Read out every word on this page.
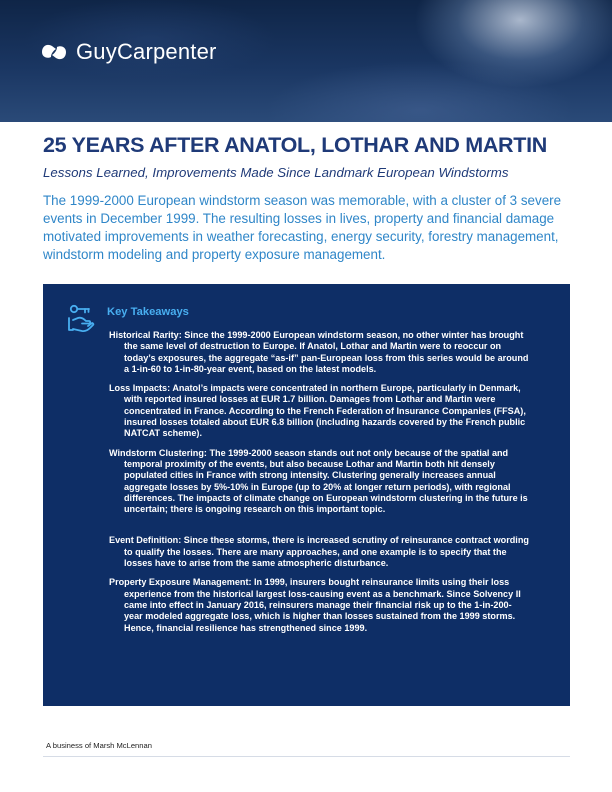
GuyCarpenter
25 YEARS AFTER ANATOL, LOTHAR AND MARTIN

Lessons Learned, Improvements Made Since Landmark European Windstorms

The 1999-2000 European windstorm season was memorable, with a cluster of 3 severe events in December 1999. The resulting losses in lives, property and financial damage motivated improvements in weather forecasting, energy security, forestry management, windstorm modeling and property exposure management.

Key Takeaways
Historical Rarity: Since the 1999-2000 European windstorm season, no other winter has brought the same level of destruction to Europe. If Anatol, Lothar and Martin were to reoccur on today’s exposures, the aggregate “as-if” pan-European loss from this series would be around a 1-in-60 to 1-in-80-year event, based on the latest models.
Loss Impacts: Anatol’s impacts were concentrated in northern Europe, particularly in Denmark, with reported insured losses at EUR 1.7 billion. Damages from Lothar and Martin were concentrated in France. According to the French Federation of Insurance Companies (FFSA), insured losses totaled about EUR 6.8 billion (including hazards covered by the French public NATCAT scheme).
Windstorm Clustering: The 1999-2000 season stands out not only because of the spatial and temporal proximity of the events, but also because Lothar and Martin both hit densely populated cities in France with strong intensity. Clustering generally increases annual aggregate losses by 5%-10% in Europe (up to 20% at longer return periods), with regional differences. The impacts of climate change on European windstorm clustering in the future is uncertain; there is ongoing research on this important topic.
Event Definition: Since these storms, there is increased scrutiny of reinsurance contract wording to qualify the losses. There are many approaches, and one example is to specify that the losses have to arise from the same atmospheric disturbance.
Property Exposure Management: In 1999, insurers bought reinsurance limits using their loss experience from the historical largest loss-causing event as a benchmark. Since Solvency II came into effect in January 2016, reinsurers manage their financial risk up to the 1-in-200-year modeled aggregate loss, which is higher than losses sustained from the 1999 storms. Hence, financial resilience has strengthened since 1999.
A business of Marsh McLennan
